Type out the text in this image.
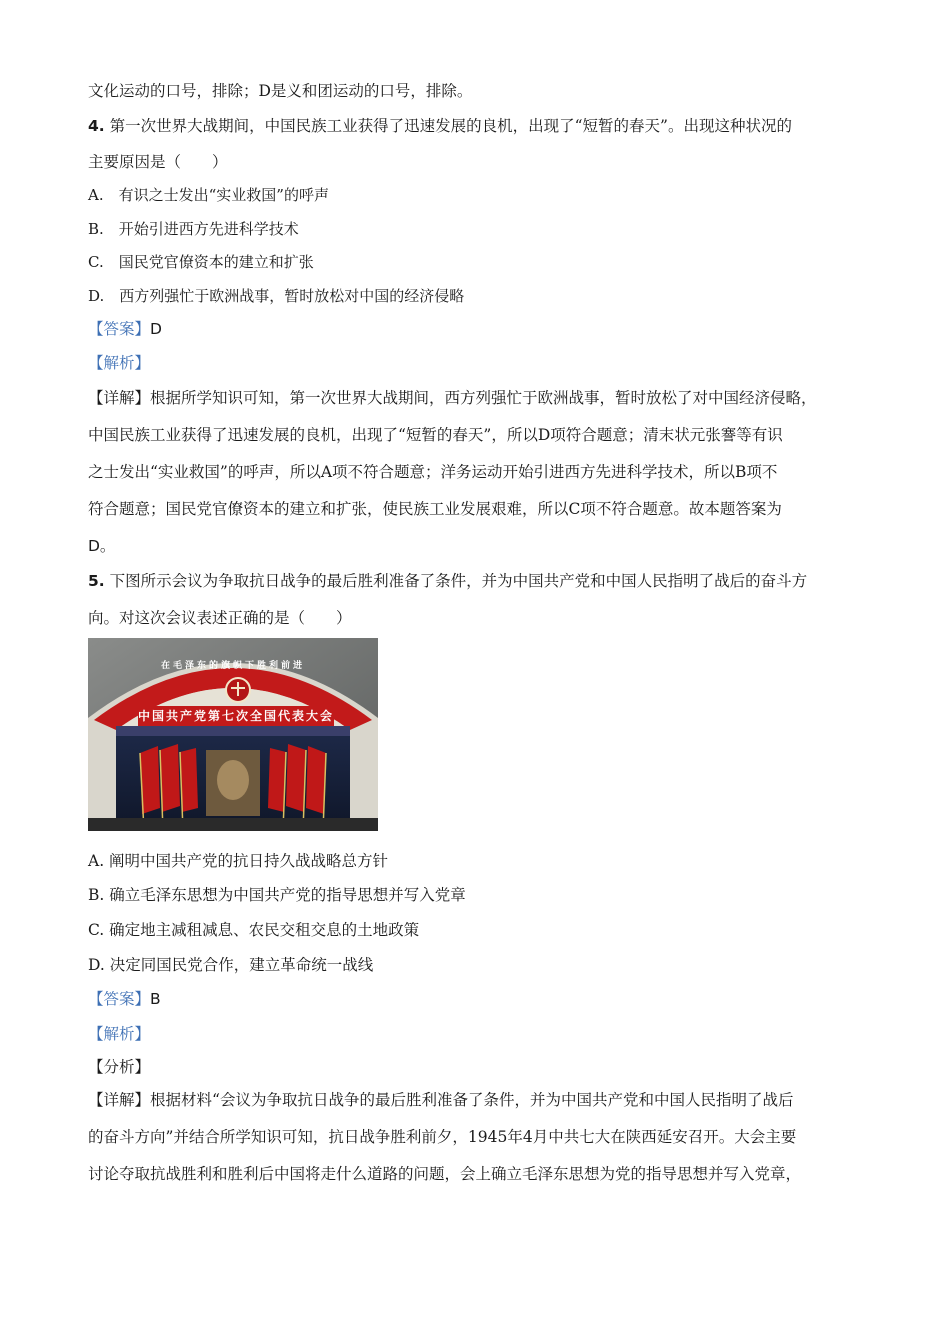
文化运动的口号，排除；D是义和团运动的口号，排除。
4. 第一次世界大战期间，中国民族工业获得了迅速发展的良机，出现了“短暂的春天”。出现这种状况的
主要原因是（　　）
A.　有识之士发出“实业救国”的呼声
B.　开始引进西方先进科学技术
C.　国民党官僚资本的建立和扩张
D.　西方列强忙于欧洲战事，暂时放松对中国的经济侵略
【答案】D
【解析】
【详解】根据所学知识可知，第一次世界大战期间，西方列强忙于欧洲战事，暂时放松了对中国经济侵略，
中国民族工业获得了迅速发展的良机，出现了“短暂的春天”，所以D项符合题意；清末状元张謇等有识
之士发出“实业救国”的呼声，所以A项不符合题意；洋务运动开始引进西方先进科学技术，所以B项不
符合题意；国民党官僚资本的建立和扩张，使民族工业发展艰难，所以C项不符合题意。故本题答案为
D。
5. 下图所示会议为争取抗日战争的最后胜利准备了条件，并为中国共产党和中国人民指明了战后的奋斗方
向。对这次会议表述正确的是（　　）
在毛泽东的旗帜下胜利前进
中国共产党第七次全国代表大会
A. 阐明中国共产党的抗日持久战战略总方针
B. 确立毛泽东思想为中国共产党的指导思想并写入党章
C. 确定地主减租减息、农民交租交息的土地政策
D. 决定同国民党合作，建立革命统一战线
【答案】B
【解析】
【分析】
【详解】根据材料“会议为争取抗日战争的最后胜利准备了条件，并为中国共产党和中国人民指明了战后
的奋斗方向”并结合所学知识可知，抗日战争胜利前夕，1945年4月中共七大在陕西延安召开。大会主要
讨论夺取抗战胜利和胜利后中国将走什么道路的问题，会上确立毛泽东思想为党的指导思想并写入党章，
